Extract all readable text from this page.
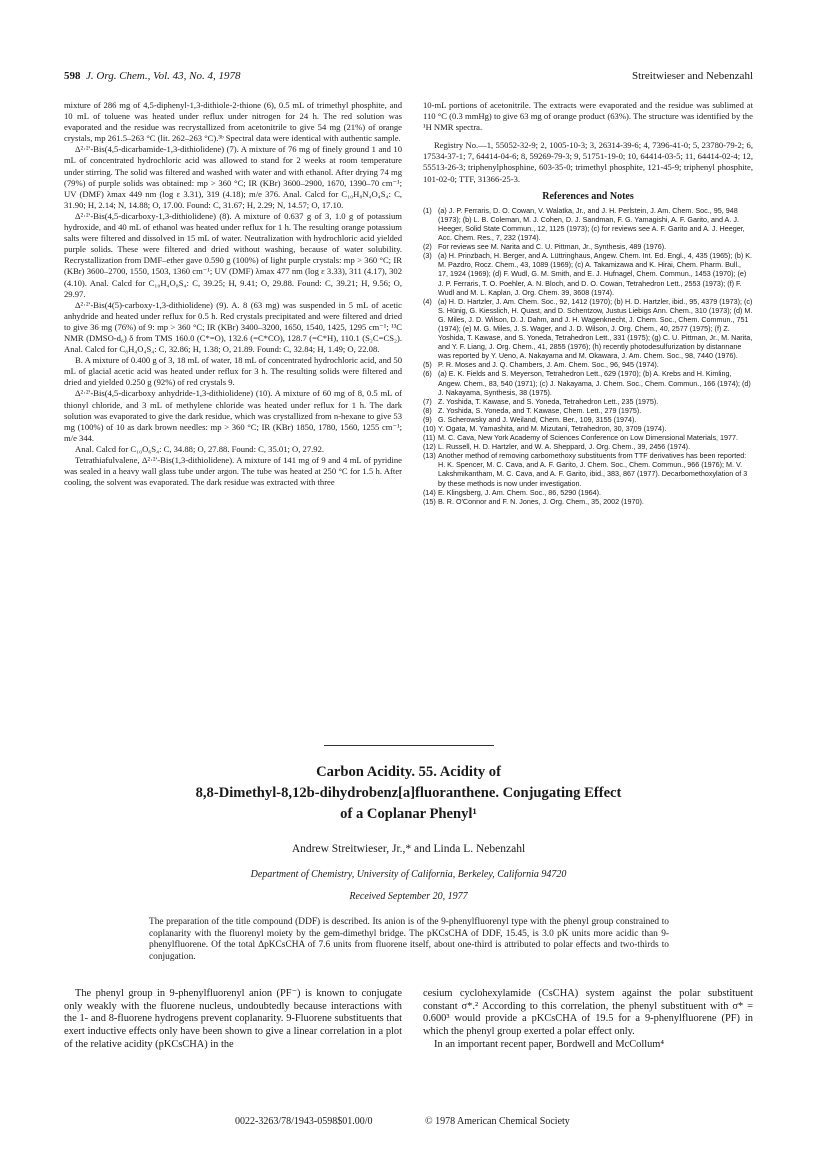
598 J. Org. Chem., Vol. 43, No. 4, 1978	Streitwieser and Nebenzahl

mixture of 286 mg of 4,5-diphenyl-1,3-dithiole-2-thione (6), 0.5 mL of trimethyl phosphite, and 10 mL of toluene was heated under reflux under nitrogen for 24 h. The red solution was evaporated and the residue was recrystallized from acetonitrile to give 54 mg (21%) of orange crystals, mp 261.5–263 °C (lit. 262–263 °C).³ᵇ Spectral data were identical with authentic sample.

Δ²·²′-Bis(4,5-dicarbamide-1,3-dithiolidene) (7). A mixture of 76 mg of finely ground 1 and 10 mL of concentrated hydrochloric acid was allowed to stand for 2 weeks at room temperature under stirring. The solid was filtered and washed with water and with ethanol. After drying 74 mg (79%) of purple solids was obtained: mp > 360 °C; IR (KBr) 3600–2900, 1670, 1390–70 cm⁻¹; UV (DMF) λmax 449 nm (log ε 3.31), 319 (4.18); m/e 376. Anal. Calcd for C₁₀H₈N₄O₄S₄: C, 31.90; H, 2.14; N, 14.88; O, 17.00. Found: C, 31.67; H, 2.29; N, 14.57; O, 17.10.

Δ²·²′-Bis(4,5-dicarboxy-1,3-dithiolidene) (8). A mixture of 0.637 g of 3, 1.0 g of potassium hydroxide, and 40 mL of ethanol was heated under reflux for 1 h. The resulting orange potassium salts were filtered and dissolved in 15 mL of water. Neutralization with hydrochloric acid yielded purple solids. These were filtered and dried without washing, because of water solubility. Recrystallization from DMF–ether gave 0.590 g (100%) of light purple crystals: mp > 360 °C; IR (KBr) 3600–2700, 1550, 1503, 1360 cm⁻¹; UV (DMF) λmax 477 nm (log ε 3.33), 311 (4.17), 302 (4.10). Anal. Calcd for C₁₀H₄O₈S₄: C, 39.25; H, 9.41; O, 29.88. Found: C, 39.21; H, 9.56; O, 29.97.

Δ²·²′-Bis(4(5)-carboxy-1,3-dithiolidene) (9). A. 8 (63 mg) was suspended in 5 mL of acetic anhydride and heated under reflux for 0.5 h. Red crystals precipitated and were filtered and dried to give 36 mg (76%) of 9: mp > 360 °C; IR (KBr) 3400–3200, 1650, 1540, 1425, 1295 cm⁻¹; ¹³C NMR (DMSO-d₆) δ from TMS 160.0 (C*=O), 132.6 (=C*CO), 128.7 (=C*H), 110.1 (S₂C=CS₂). Anal. Calcd for C₈H₄O₄S₄: C, 32.86; H, 1.38; O, 21.89. Found: C, 32.84; H, 1.49; O, 22.08.

B. A mixture of 0.400 g of 3, 18 mL of water, 18 mL of concentrated hydrochloric acid, and 50 mL of glacial acetic acid was heated under reflux for 3 h. The resulting solids were filtered and dried and yielded 0.250 g (92%) of red crystals 9.

Δ²·²′-Bis(4,5-dicarboxy anhydride-1,3-dithiolidene) (10). A mixture of 60 mg of 8, 0.5 mL of thionyl chloride, and 3 mL of methylene chloride was heated under reflux for 1 h. The dark solution was evaporated to give the dark residue, which was crystallized from n-hexane to give 53 mg (100%) of 10 as dark brown needles: mp > 360 °C; IR (KBr) 1850, 1780, 1560, 1255 cm⁻¹; m/e 344.

Anal. Calcd for C₁₀O₆S₄: C, 34.88; O, 27.88. Found: C, 35.01; O, 27.92.

Tetrathiafulvalene, Δ²·²′-Bis(1,3-dithiolidene). A mixture of 141 mg of 9 and 4 mL of pyridine was sealed in a heavy wall glass tube under argon. The tube was heated at 250 °C for 1.5 h. After cooling, the solvent was evaporated. The dark residue was extracted with three

10-mL portions of acetonitrile. The extracts were evaporated and the residue was sublimed at 110 °C (0.3 mmHg) to give 63 mg of orange product (63%). The structure was identified by the ¹H NMR spectra.

Registry No.—1, 55052-32-9; 2, 1005-10-3; 3, 26314-39-6; 4, 7396-41-0; 5, 23780-79-2; 6, 17534-37-1; 7, 64414-04-6; 8, 59269-79-3; 9, 51751-19-0; 10, 64414-03-5; 11, 64414-02-4; 12, 55513-26-3; triphenylphosphine, 603-35-0; trimethyl phosphite, 121-45-9; triphenyl phosphite, 101-02-0; TTF, 31366-25-3.

References and Notes
(1) (a) J. P. Ferraris, D. O. Cowan, V. Walatka, Jr., and J. H. Perlstein, J. Am. Chem. Soc., 95, 948 (1973); (b) L. B. Coleman, M. J. Cohen, D. J. Sandman, F. G. Yamagishi, A. F. Garito, and A. J. Heeger, Solid State Commun., 12, 1125 (1973); (c) for reviews see A. F. Garito and A. J. Heeger, Acc. Chem. Res., 7, 232 (1974).
(2) For reviews see M. Narita and C. U. Pittman, Jr., Synthesis, 489 (1976).
(3) (a) H. Prinzbach, H. Berger, and A. Lüttringhaus, Angew. Chem. Int. Ed. Engl., 4, 435 (1965); (b) K. M. Pazdro, Rocz. Chem., 43, 1089 (1969); (c) A. Takamizawa and K. Hirai, Chem. Pharm. Bull., 17, 1924 (1969); (d) F. Wudl, G. M. Smith, and E. J. Hufnagel, Chem. Commun., 1453 (1970); (e) J. P. Ferraris, T. O. Poehler, A. N. Bloch, and D. O. Cowan, Tetrahedron Lett., 2553 (1973); (f) F. Wudl and M. L. Kaplan, J. Org. Chem. 39, 3608 (1974).
(4) (a) H. D. Hartzler, J. Am. Chem. Soc., 92, 1412 (1970); (b) H. D. Hartzler, ibid., 95, 4379 (1973); (c) S. Hünig, G. Kiesslich, H. Quast, and D. Schentzow, Justus Liebigs Ann. Chem., 310 (1973); (d) M. G. Miles, J. D. Wilson, D. J. Dahm, and J. H. Wagenknecht, J. Chem. Soc., Chem. Commun., 751 (1974); (e) M. G. Miles, J. S. Wager, and J. D. Wilson, J. Org. Chem., 40, 2577 (1975); (f) Z. Yoshida, T. Kawase, and S. Yoneda, Tetrahedron Lett., 331 (1975); (g) C. U. Pittman, Jr., M. Narita, and Y. F. Liang, J. Org. Chem., 41, 2855 (1976); (h) recently photodesulfurization by distannane was reported by Y. Ueno, A. Nakayama and M. Okawara, J. Am. Chem. Soc., 98, 7440 (1976).
(5) P. R. Moses and J. Q. Chambers, J. Am. Chem. Soc., 96, 945 (1974).
(6) (a) E. K. Fields and S. Meyerson, Tetrahedron Lett., 629 (1970); (b) A. Krebs and H. Kimling, Angew. Chem., 83, 540 (1971); (c) J. Nakayama, J. Chem. Soc., Chem. Commun., 166 (1974); (d) J. Nakayama, Synthesis, 38 (1975).
(7) Z. Yoshida, T. Kawase, and S. Yoneda, Tetrahedron Lett., 235 (1975).
(8) Z. Yoshida, S. Yoneda, and T. Kawase, Chem. Lett., 279 (1975).
(9) G. Scherowsky and J. Weiland, Chem. Ber., 109, 3155 (1974).
(10) Y. Ogata, M. Yamashita, and M. Mizutani, Tetrahedron, 30, 3709 (1974).
(11) M. C. Cava, New York Academy of Sciences Conference on Low Dimensional Materials, 1977.
(12) L. Russell, H. D. Hartzler, and W. A. Sheppard, J. Org. Chem., 39, 2456 (1974).
(13) Another method of removing carbomethoxy substituents from TTF derivatives has been reported: H. K. Spencer, M. C. Cava, and A. F. Garito, J. Chem. Soc., Chem. Commun., 966 (1976); M. V. Lakshmikantham, M. C. Cava, and A. F. Garito, ibid., 383, 867 (1977). Decarbomethoxylation of 3 by these methods is now under investigation.
(14) E. Klingsberg, J. Am. Chem. Soc., 86, 5290 (1964).
(15) B. R. O'Connor and F. N. Jones, J. Org. Chem., 35, 2002 (1970).
Carbon Acidity. 55. Acidity of
8,8-Dimethyl-8,12b-dihydrobenz[a]fluoranthene. Conjugating Effect
of a Coplanar Phenyl¹
Andrew Streitwieser, Jr.,* and Linda L. Nebenzahl
Department of Chemistry, University of California, Berkeley, California 94720
Received September 20, 1977
The preparation of the title compound (DDF) is described. Its anion is of the 9-phenylfluorenyl type with the phenyl group constrained to coplanarity with the fluorenyl moiety by the gem-dimethyl bridge. The pKCsCHA of DDF, 15.45, is 3.0 pK units more acidic than 9-phenylfluorene. Of the total ΔpKCsCHA of 7.6 units from fluorene itself, about one-third is attributed to polar effects and two-thirds to conjugation.

The phenyl group in 9-phenylfluorenyl anion (PF⁻) is known to conjugate only weakly with the fluorene nucleus, undoubtedly because interactions with the 1- and 8-fluorene hydrogens prevent coplanarity. 9-Fluorene substituents that exert inductive effects only have been shown to give a linear correlation in a plot of the relative acidity (pKCsCHA) in the

cesium cyclohexylamide (CsCHA) system against the polar substituent constant σ*.² According to this correlation, the phenyl substituent with σ* = 0.600³ would provide a pKCsCHA of 19.5 for a 9-phenylfluorene (PF) in which the phenyl group exerted a polar effect only.

In an important recent paper, Bordwell and McCollum⁴

0022-3263/78/1943-0598$01.00/0	© 1978 American Chemical Society
